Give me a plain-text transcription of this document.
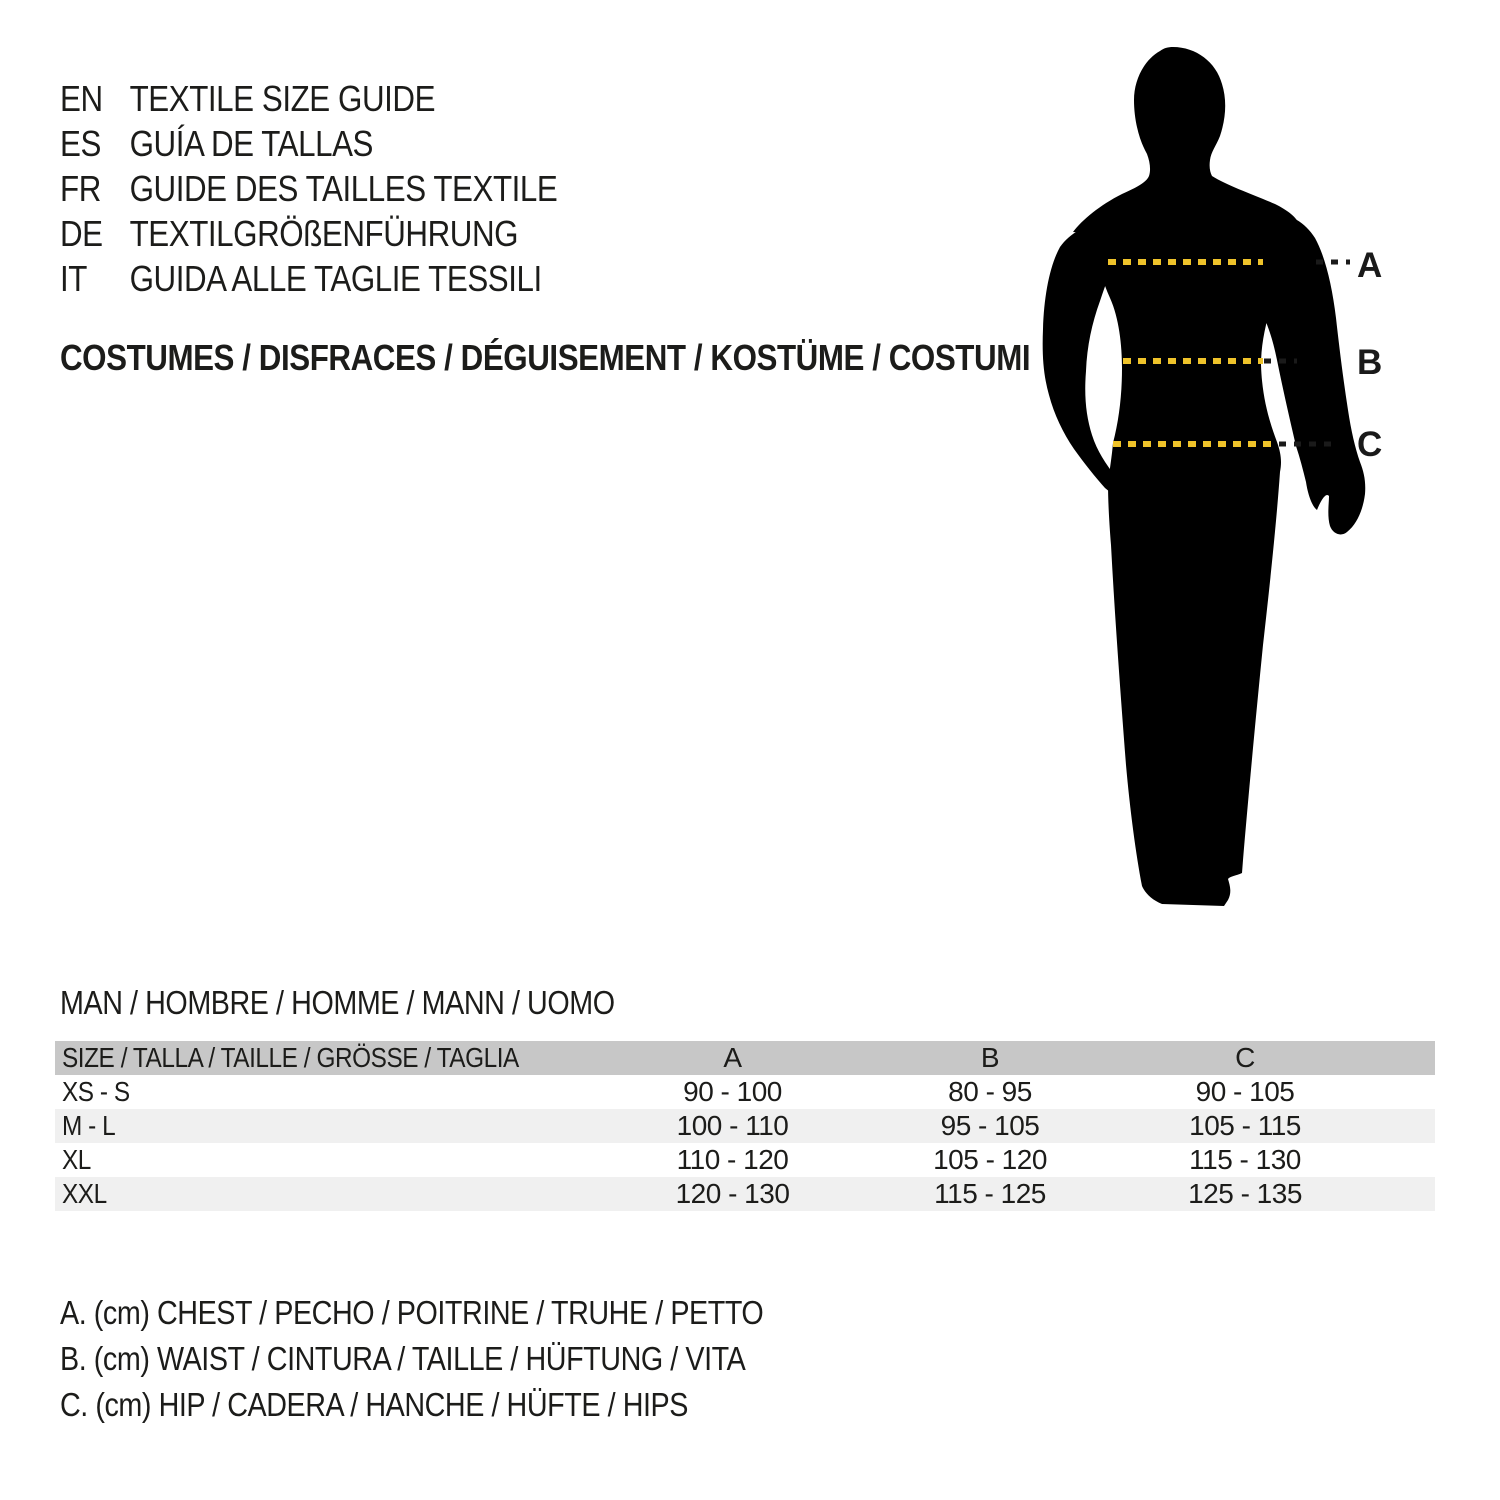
EN TEXTILE SIZE GUIDE
ES GUÍA DE TALLAS
FR GUIDE DES TAILLES TEXTILE
DE TEXTILGRÖßENFÜHRUNG
IT	GUIDA ALLE TAGLIE TESSILI
COSTUMES / DISFRACES / DÉGUISEMENT / KOSTÜME / COSTUMI
A
B
C
MAN / HOMBRE / HOMME / MANN / UOMO
SIZE / TALLA / TAILLE / GRÖSSE / TAGLIA	A	B	C	
XS - S	90 - 100	80 - 95	90 - 105	
M - L	100 - 110	95 - 105	105 - 115	
XL	110 - 120	105 - 120	115 - 130	
XXL	120 - 130	115 - 125	125 - 135	
A. (cm) CHEST / PECHO / POITRINE / TRUHE / PETTO
B. (cm) WAIST / CINTURA / TAILLE / HÜFTUNG / VITA
C. (cm) HIP / CADERA / HANCHE / HÜFTE / HIPS
